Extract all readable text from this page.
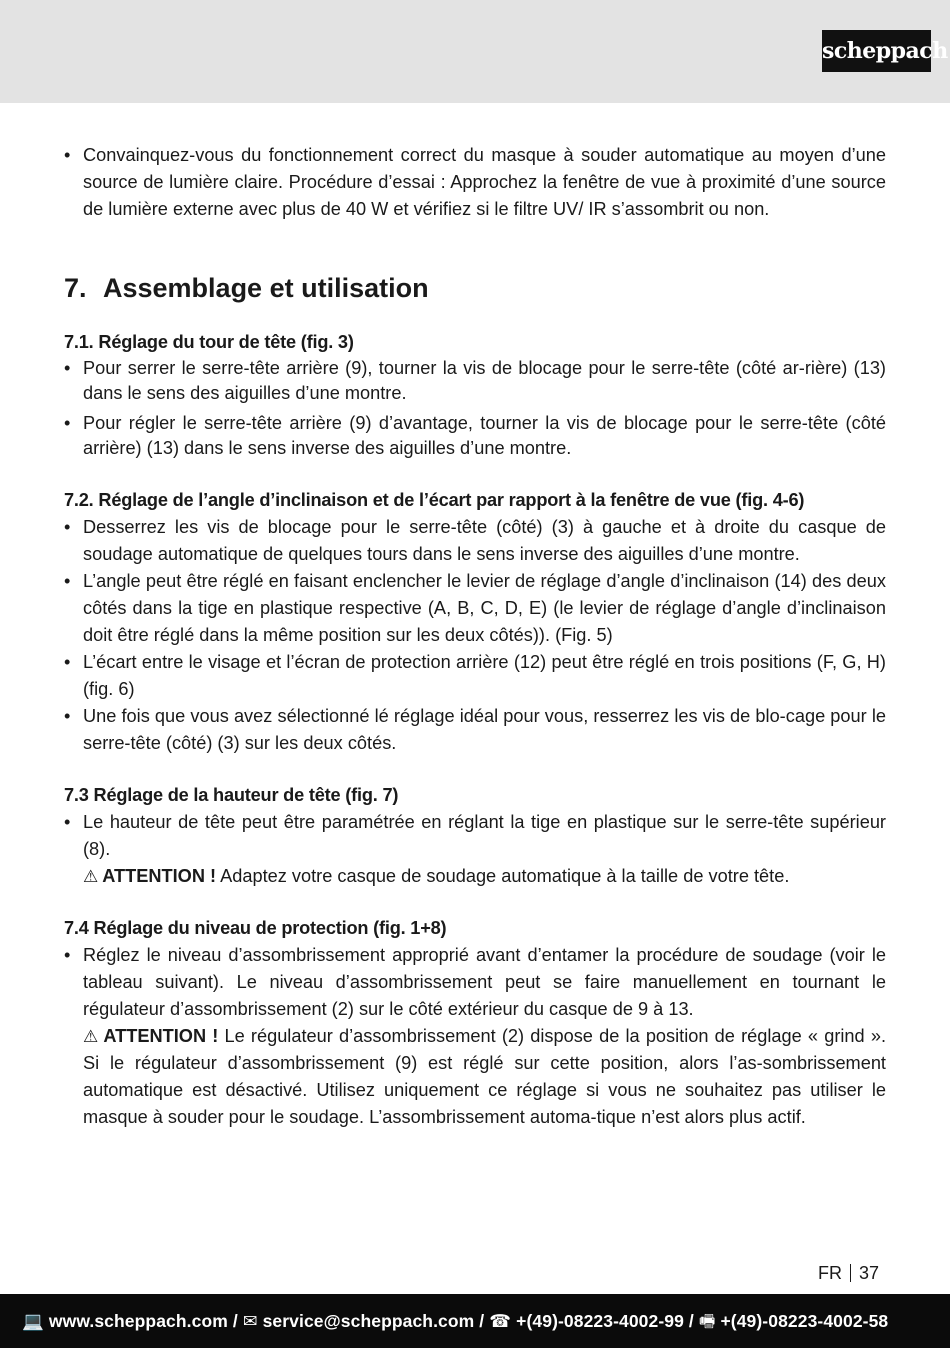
scheppach
• Convainquez-vous du fonctionnement correct du masque à souder automatique au moyen d’une source de lumière claire. Procédure d’essai : Approchez la fenêtre de vue à proximité d’une source de lumière externe avec plus de 40 W et vérifiez si le filtre UV/ IR s’assombrit ou non.
7. Assemblage et utilisation
7.1. Réglage du tour de tête (fig. 3)
• Pour serrer le serre-tête arrière (9), tourner la vis de blocage pour le serre-tête (côté ar-rière) (13) dans le sens des aiguilles d’une montre.
• Pour régler le serre-tête arrière (9) d’avantage, tourner la vis de blocage pour le serre-tête (côté arrière) (13) dans le sens inverse des aiguilles d’une montre.
7.2. Réglage de l’angle d’inclinaison et de l’écart par rapport à la fenêtre de vue (fig. 4-6)
• Desserrez les vis de blocage pour le serre-tête (côté) (3) à gauche et à droite du casque de soudage automatique de quelques tours dans le sens inverse des aiguilles d’une montre.
• L’angle peut être réglé en faisant enclencher le levier de réglage d’angle d’inclinaison (14) des deux côtés dans la tige en plastique respective (A, B, C, D, E) (le levier de réglage d’angle d’inclinaison doit être réglé dans la même position sur les deux côtés)). (Fig. 5)
• L’écart entre le visage et l’écran de protection arrière (12) peut être réglé en trois positions (F, G, H) (fig. 6)
• Une fois que vous avez sélectionné lé réglage idéal pour vous, resserrez les vis de blo-cage pour le serre-tête (côté) (3) sur les deux côtés.
7.3 Réglage de la hauteur de tête (fig. 7)
• Le hauteur de tête peut être paramétrée en réglant la tige en plastique sur le serre-tête supérieur (8).
⚠ ATTENTION ! Adaptez votre casque de soudage automatique à la taille de votre tête.
7.4 Réglage du niveau de protection (fig. 1+8)
• Réglez le niveau d’assombrissement approprié avant d’entamer la procédure de soudage (voir le tableau suivant). Le niveau d’assombrissement peut se faire manuellement en tournant le régulateur d’assombrissement (2) sur le côté extérieur du casque de 9 à 13.
⚠ ATTENTION ! Le régulateur d’assombrissement (2) dispose de la position de réglage « grind ». Si le régulateur d’assombrissement (9) est réglé sur cette position, alors l’as-sombrissement automatique est désactivé. Utilisez uniquement ce réglage si vous ne souhaitez pas utiliser le masque à souder pour le soudage. L’assombrissement automa-tique n’est alors plus actif.
FR 37
💻 www.scheppach.com / ✉ service@scheppach.com / ☎ +(49)-08223-4002-99 / 🖷 +(49)-08223-4002-58
